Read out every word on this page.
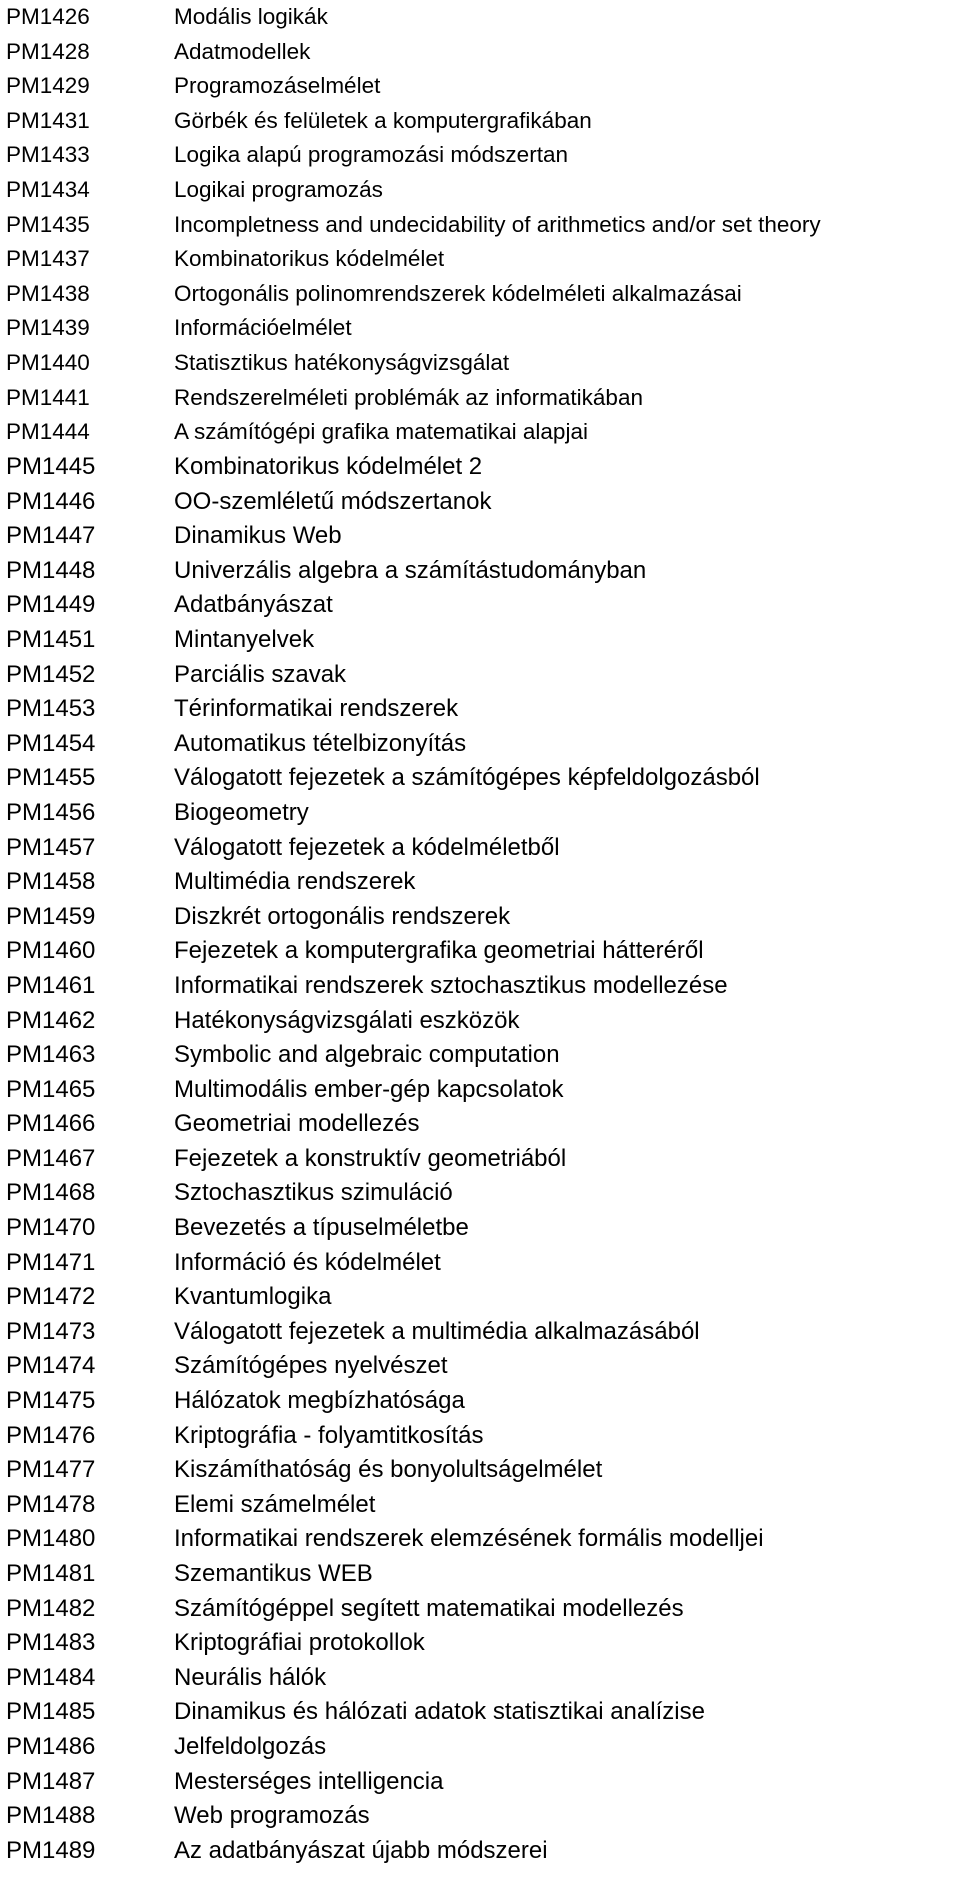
PM1426	Modális logikák
PM1428	Adatmodellek
PM1429	Programozáselmélet
PM1431	Görbék és felületek a komputergrafikában
PM1433	Logika alapú programozási módszertan
PM1434	Logikai programozás
PM1435	Incompletness and undecidability of arithmetics and/or set theory
PM1437	Kombinatorikus kódelmélet
PM1438	Ortogonális polinomrendszerek kódelméleti alkalmazásai
PM1439	Információelmélet
PM1440	Statisztikus hatékonyságvizsgálat
PM1441	Rendszerelméleti problémák az informatikában
PM1444	A számítógépi grafika matematikai alapjai
PM1445	Kombinatorikus kódelmélet 2
PM1446	OO-szemléletű módszertanok
PM1447	Dinamikus Web
PM1448	Univerzális algebra a számítástudományban
PM1449	Adatbányászat
PM1451	Mintanyelvek
PM1452	Parciális szavak
PM1453	Térinformatikai rendszerek
PM1454	Automatikus tételbizonyítás
PM1455	Válogatott fejezetek a számítógépes képfeldolgozásból
PM1456	Biogeometry
PM1457	Válogatott fejezetek a kódelméletből
PM1458	Multimédia rendszerek
PM1459	Diszkrét ortogonális rendszerek
PM1460	Fejezetek a komputergrafika geometriai hátteréről
PM1461	Informatikai rendszerek sztochasztikus modellezése
PM1462	Hatékonyságvizsgálati eszközök
PM1463	Symbolic and algebraic computation
PM1465	Multimodális ember-gép kapcsolatok
PM1466	Geometriai modellezés
PM1467	Fejezetek a konstruktív geometriából
PM1468	Sztochasztikus szimuláció
PM1470	Bevezetés a típuselméletbe
PM1471	Információ és kódelmélet
PM1472	Kvantumlogika
PM1473	Válogatott fejezetek a multimédia alkalmazásából
PM1474	Számítógépes nyelvészet
PM1475	Hálózatok megbízhatósága
PM1476	Kriptográfia - folyamtitkosítás
PM1477	Kiszámíthatóság és bonyolultságelmélet
PM1478	Elemi számelmélet
PM1480	Informatikai rendszerek elemzésének formális modelljei
PM1481	Szemantikus WEB
PM1482	Számítógéppel segített matematikai modellezés
PM1483	Kriptográfiai protokollok
PM1484	Neurális hálók
PM1485	Dinamikus és hálózati adatok statisztikai analízise
PM1486	Jelfeldolgozás
PM1487	Mesterséges intelligencia
PM1488	Web programozás
PM1489	Az adatbányászat újabb módszerei
